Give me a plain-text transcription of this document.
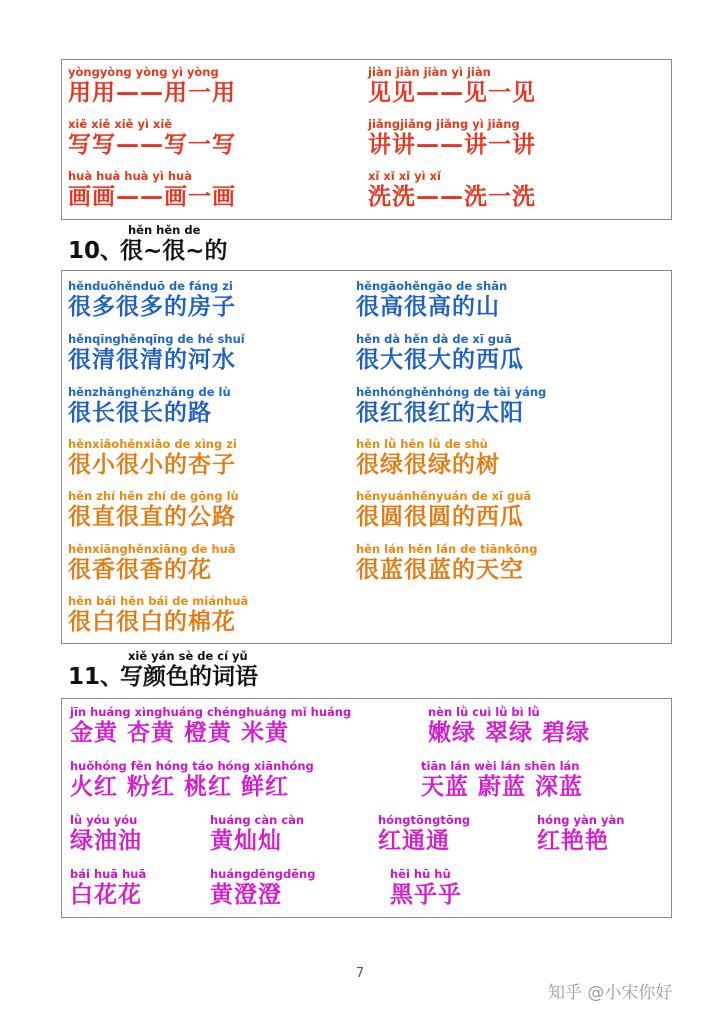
yòngyòng yòng yì yòng
用用——用一用
xiě xiě xiě yì xiě
写写——写一写
huà huà huà yì huà
画画——画一画
jiàn jiàn jiàn yì jiàn
见见——见一见
jiǎngjiǎng jiǎng yì jiǎng
讲讲——讲一讲
xǐ xǐ xǐ yì xǐ
洗洗——洗一洗
hěn hěn de
10、
很~很~的
hěnduōhěnduō de fáng zi
很多很多的房子
hěnqīnghěnqīng de hé shuǐ
很清很清的河水
hěnzhǎnghěnzhǎng de lù
很长很长的路
hěnxiǎohěnxiǎo de xìng zi
很小很小的杏子
hěn zhí hěn zhí de gōng lù
很直很直的公路
hěnxiānghěnxiāng de huā
很香很香的花
hěn bái hěn bái de miánhuā
很白很白的棉花
hěngāohěngāo de shān
很高很高的山
hěn dà hěn dà de xī guā
很大很大的西瓜
hěnhónghěnhóng de tài yáng
很红很红的太阳
hěn lǜ hěn lǜ de shù
很绿很绿的树
hěnyuánhěnyuán de xī guā
很圆很圆的西瓜
hěn lán hěn lán de tiānkōng
很蓝很蓝的天空
xiě yán sè de cí yǔ
11、
写颜色的词语
jīn huáng xìnghuáng chénghuáng mǐ huáng
金黄 杏黄 橙黄 米黄
nèn lǜ cuì lǜ bì lǜ
嫩绿 翠绿 碧绿
huǒhóng fěn hóng táo hóng xiānhóng
火红 粉红 桃红 鲜红
tiān lán wèi lán shēn lán
天蓝 蔚蓝 深蓝
lǜ yóu yóu
绿油油
huáng càn càn
黄灿灿
hóngtōngtōng
红通通
hóng yàn yàn
红艳艳
bái huā huā
白花花
huángdēngdēng
黄澄澄
hēi hū hū
黑乎乎
7
知乎 @小宋你好
